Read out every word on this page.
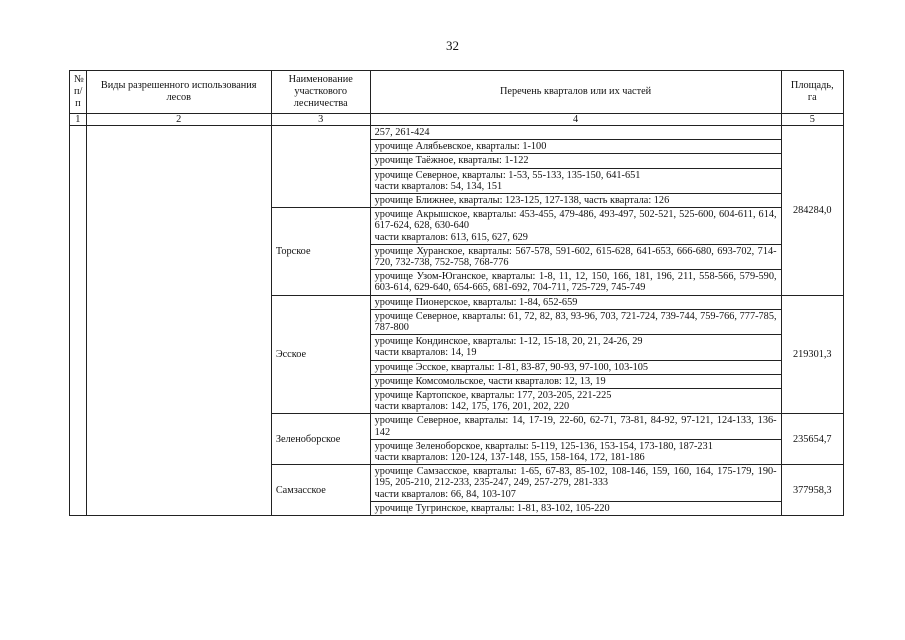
32
№ п/п	Виды разрешенного использования лесов	Наименование участкового лесничества	Перечень кварталов или их частей	Площадь, га
1	2	3	4	5
			257, 261-424	284284,0
			урочище Алябьевское, кварталы: 1-100	
			урочище Таёжное, кварталы: 1-122	

			урочище Северное, кварталы: 1-53, 55-133, 135-150, 641-651
части кварталов: 54, 134, 151	

			урочище Ближнее, кварталы: 123-125, 127-138, часть квартала: 126	
		Торское	урочище Акрышское, кварталы: 453-455, 479-486, 493-497, 502-521, 525-600, 604-611, 614, 617-624, 628, 630-640
части кварталов: 613, 615, 627, 629	

			урочище Хуранское, кварталы: 567-578, 591-602, 615-628, 641-653, 666-680, 693-702, 714-720, 732-738, 752-758, 768-776	
			урочище Узом-Юганское, кварталы: 1-8, 11, 12, 150, 166, 181, 196, 211, 558-566, 579-590, 603-614, 629-640, 654-665, 681-692, 704-711, 725-729, 745-749	
		Эсское	урочище Пионерское, кварталы: 1-84, 652-659	219301,3
			урочище Северное, кварталы: 61, 72, 82, 83, 93-96, 703, 721-724, 739-744, 759-766, 777-785, 787-800	

			урочище Кондинское, кварталы: 1-12, 15-18, 20, 21, 24-26, 29
части кварталов: 14, 19	

			урочище Эсское, кварталы: 1-81, 83-87, 90-93, 97-100, 103-105	
			урочище Комсомольское, части кварталов: 12, 13, 19	

			урочище Картопское, кварталы: 177, 203-205, 221-225
части кварталов: 142, 175, 176, 201, 202, 220	

		Зеленоборское	урочище Северное, кварталы: 14, 17-19, 22-60, 62-71, 73-81, 84-92, 97-121, 124-133, 136-142	235654,7

			урочище Зеленоборское, кварталы: 5-119, 125-136, 153-154, 173-180, 187-231
части кварталов: 120-124, 137-148, 155, 158-164, 172, 181-186	

		Самзасское	урочище Самзасское, кварталы: 1-65, 67-83, 85-102, 108-146, 159, 160, 164, 175-179, 190-195, 205-210, 212-233, 235-247, 249, 257-279, 281-333
части кварталов: 66, 84, 103-107	377958,3
			урочище Тугринское, кварталы: 1-81, 83-102, 105-220	
